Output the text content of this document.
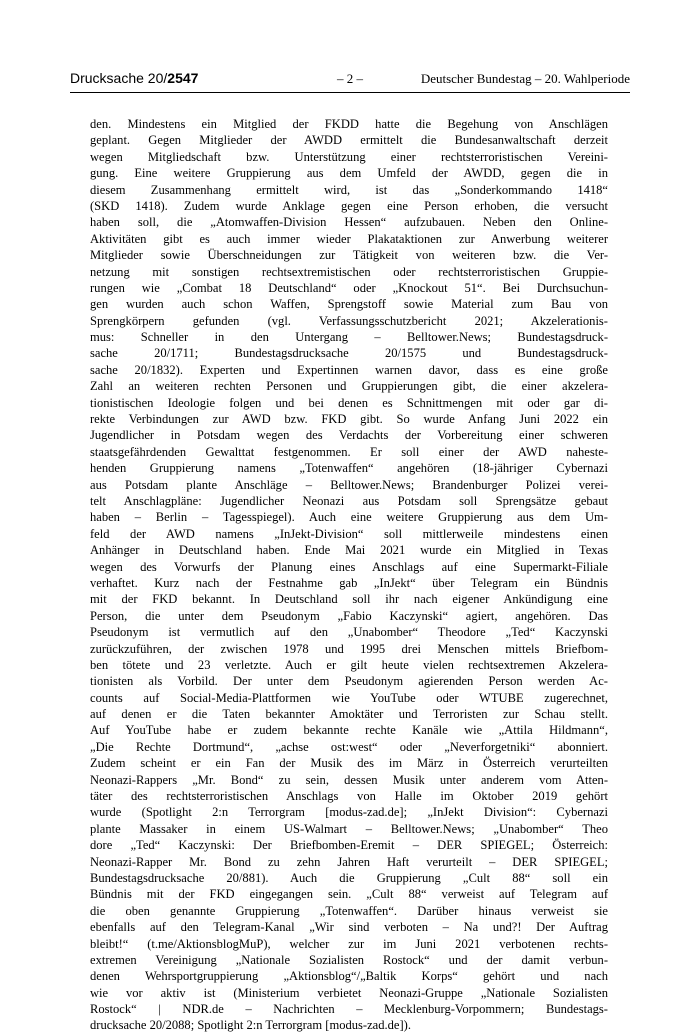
Drucksache 20/2547	– 2 –	Deutscher Bundestag – 20. Wahlperiode
den. Mindestens ein Mitglied der FKDD hatte die Begehung von Anschlägen
geplant. Gegen Mitglieder der AWDD ermittelt die Bundesanwaltschaft derzeit
wegen Mitgliedschaft bzw. Unterstützung einer rechtsterroristischen Vereini-
gung. Eine weitere Gruppierung aus dem Umfeld der AWDD, gegen die in
diesem Zusammenhang ermittelt wird, ist das „Sonderkommando 1418“
(SKD 1418). Zudem wurde Anklage gegen eine Person erhoben, die versucht
haben soll, die „Atomwaffen-Division Hessen“ aufzubauen. Neben den Online-
Aktivitäten gibt es auch immer wieder Plakataktionen zur Anwerbung weiterer
Mitglieder sowie Überschneidungen zur Tätigkeit von weiteren bzw. die Ver-
netzung mit sonstigen rechtsextremistischen oder rechtsterroristischen Gruppie-
rungen wie „Combat 18 Deutschland“ oder „Knockout 51“. Bei Durchsuchun-
gen wurden auch schon Waffen, Sprengstoff sowie Material zum Bau von
Sprengkörpern gefunden (vgl. Verfassungsschutzbericht 2021; Akzelerationis-
mus: Schneller in den Untergang – Belltower.News; Bundestagsdruck-
sache 20/1711; Bundestagsdrucksache 20/1575 und Bundestagsdruck-
sache 20/1832). Experten und Expertinnen warnen davor, dass es eine große
Zahl an weiteren rechten Personen und Gruppierungen gibt, die einer akzelera-
tionistischen Ideologie folgen und bei denen es Schnittmengen mit oder gar di-
rekte Verbindungen zur AWD bzw. FKD gibt. So wurde Anfang Juni 2022 ein
Jugendlicher in Potsdam wegen des Verdachts der Vorbereitung einer schweren
staatsgefährdenden Gewalttat festgenommen. Er soll einer der AWD naheste-
henden Gruppierung namens „Totenwaffen“ angehören (18-jähriger Cybernazi
aus Potsdam plante Anschläge – Belltower.News; Brandenburger Polizei verei-
telt Anschlagpläne: Jugendlicher Neonazi aus Potsdam soll Sprengsätze gebaut
haben – Berlin – Tagesspiegel). Auch eine weitere Gruppierung aus dem Um-
feld der AWD namens „InJekt-Division“ soll mittlerweile mindestens einen
Anhänger in Deutschland haben. Ende Mai 2021 wurde ein Mitglied in Texas
wegen des Vorwurfs der Planung eines Anschlags auf eine Supermarkt-Filiale
verhaftet. Kurz nach der Festnahme gab „InJekt“ über Telegram ein Bündnis
mit der FKD bekannt. In Deutschland soll ihr nach eigener Ankündigung eine
Person, die unter dem Pseudonym „Fabio Kaczynski“ agiert, angehören. Das
Pseudonym ist vermutlich auf den „Unabomber“ Theodore „Ted“ Kaczynski
zurückzuführen, der zwischen 1978 und 1995 drei Menschen mittels Briefbom-
ben tötete und 23 verletzte. Auch er gilt heute vielen rechtsextremen Akzelera-
tionisten als Vorbild. Der unter dem Pseudonym agierenden Person werden Ac-
counts auf Social-Media-Plattformen wie YouTube oder WTUBE zugerechnet,
auf denen er die Taten bekannter Amoktäter und Terroristen zur Schau stellt.
Auf YouTube habe er zudem bekannte rechte Kanäle wie „Attila Hildmann“,
„Die Rechte Dortmund“, „achse ost:west“ oder „Neverforgetniki“ abonniert.
Zudem scheint er ein Fan der Musik des im März in Österreich verurteilten
Neonazi-Rappers „Mr. Bond“ zu sein, dessen Musik unter anderem vom Atten-
täter des rechtsterroristischen Anschlags von Halle im Oktober 2019 gehört
wurde (Spotlight 2:n Terrorgram [modus-zad.de]; „InJekt Division“: Cybernazi
plante Massaker in einem US-Walmart – Belltower.News; „Unabomber“ Theo
dore „Ted“ Kaczynski: Der Briefbomben-Eremit – DER SPIEGEL; Österreich:
Neonazi-Rapper Mr. Bond zu zehn Jahren Haft verurteilt – DER SPIEGEL;
Bundestagsdrucksache 20/881). Auch die Gruppierung „Cult 88“ soll ein
Bündnis mit der FKD eingegangen sein. „Cult 88“ verweist auf Telegram auf
die oben genannte Gruppierung „Totenwaffen“. Darüber hinaus verweist sie
ebenfalls auf den Telegram-Kanal „Wir sind verboten – Na und?! Der Auftrag
bleibt!“ (t.me/AktionsblogMuP), welcher zur im Juni 2021 verbotenen rechts-
extremen Vereinigung „Nationale Sozialisten Rostock“ und der damit verbun-
denen Wehrsportgruppierung „Aktionsblog“/„Baltik Korps“ gehört und nach
wie vor aktiv ist (Ministerium verbietet Neonazi-Gruppe „Nationale Sozialisten
Rostock“ | NDR.de – Nachrichten – Mecklenburg-Vorpommern; Bundestags-
drucksache 20/2088; Spotlight 2:n Terrorgram [modus-zad.de]).
